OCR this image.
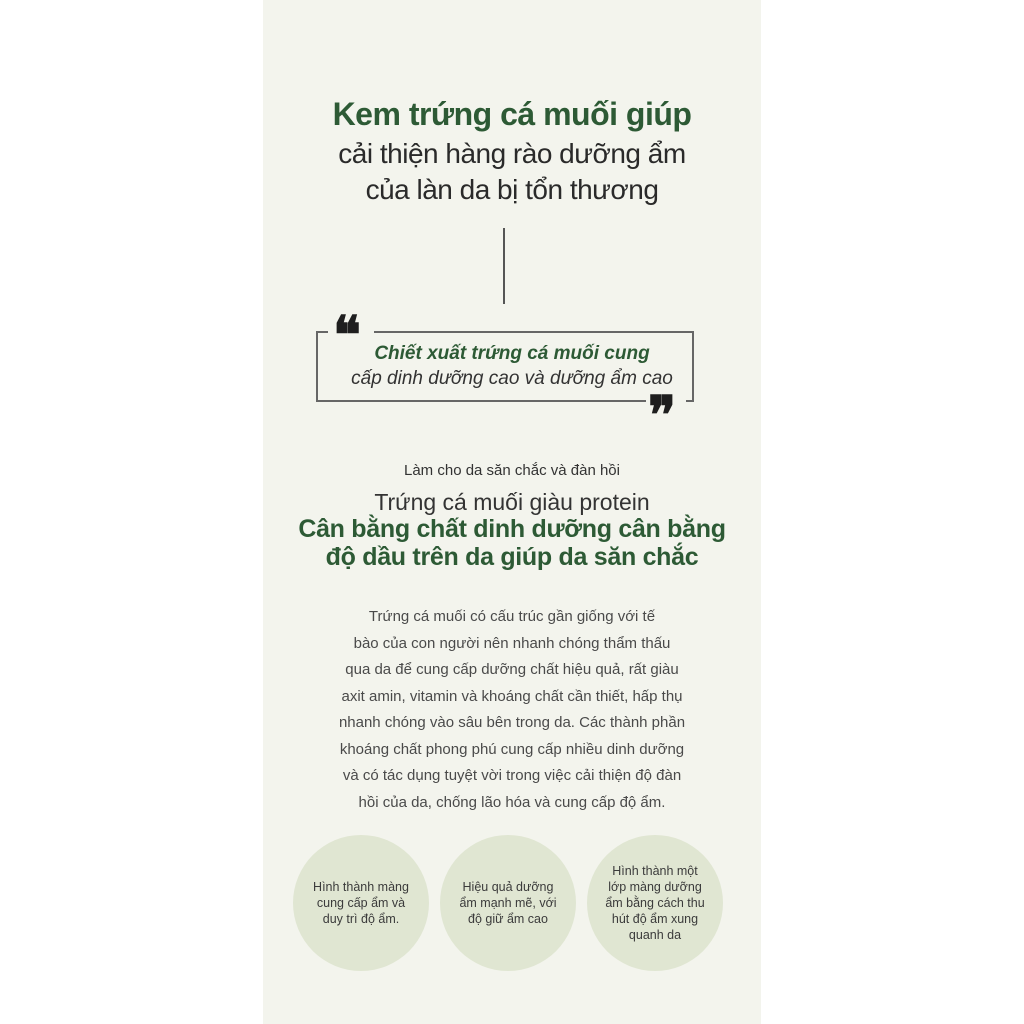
Kem trứng cá muối giúp
cải thiện hàng rào dưỡng ẩm
của làn da bị tổn thương
❝
❞
Chiết xuất trứng cá muối cung
cấp dinh dưỡng cao và dưỡng ẩm cao
Làm cho da săn chắc và đàn hồi
Trứng cá muối giàu protein
Cân bằng chất dinh dưỡng cân bằng
độ dầu trên da giúp da săn chắc
Trứng cá muối có cấu trúc gần giống với tế
bào của con người nên nhanh chóng thẩm thấu
qua da để cung cấp dưỡng chất hiệu quả, rất giàu
axit amin, vitamin và khoáng chất cần thiết, hấp thụ
nhanh chóng vào sâu bên trong da. Các thành phần
khoáng chất phong phú cung cấp nhiều dinh dưỡng
và có tác dụng tuyệt vời trong việc cải thiện độ đàn
hồi của da, chống lão hóa và cung cấp độ ẩm.
Hình thành màng cung cấp ẩm và duy trì độ ẩm.
Hiệu quả dưỡng ẩm mạnh mẽ, với độ giữ ẩm cao
Hình thành một lớp màng dưỡng ẩm bằng cách thu hút độ ẩm xung quanh da
